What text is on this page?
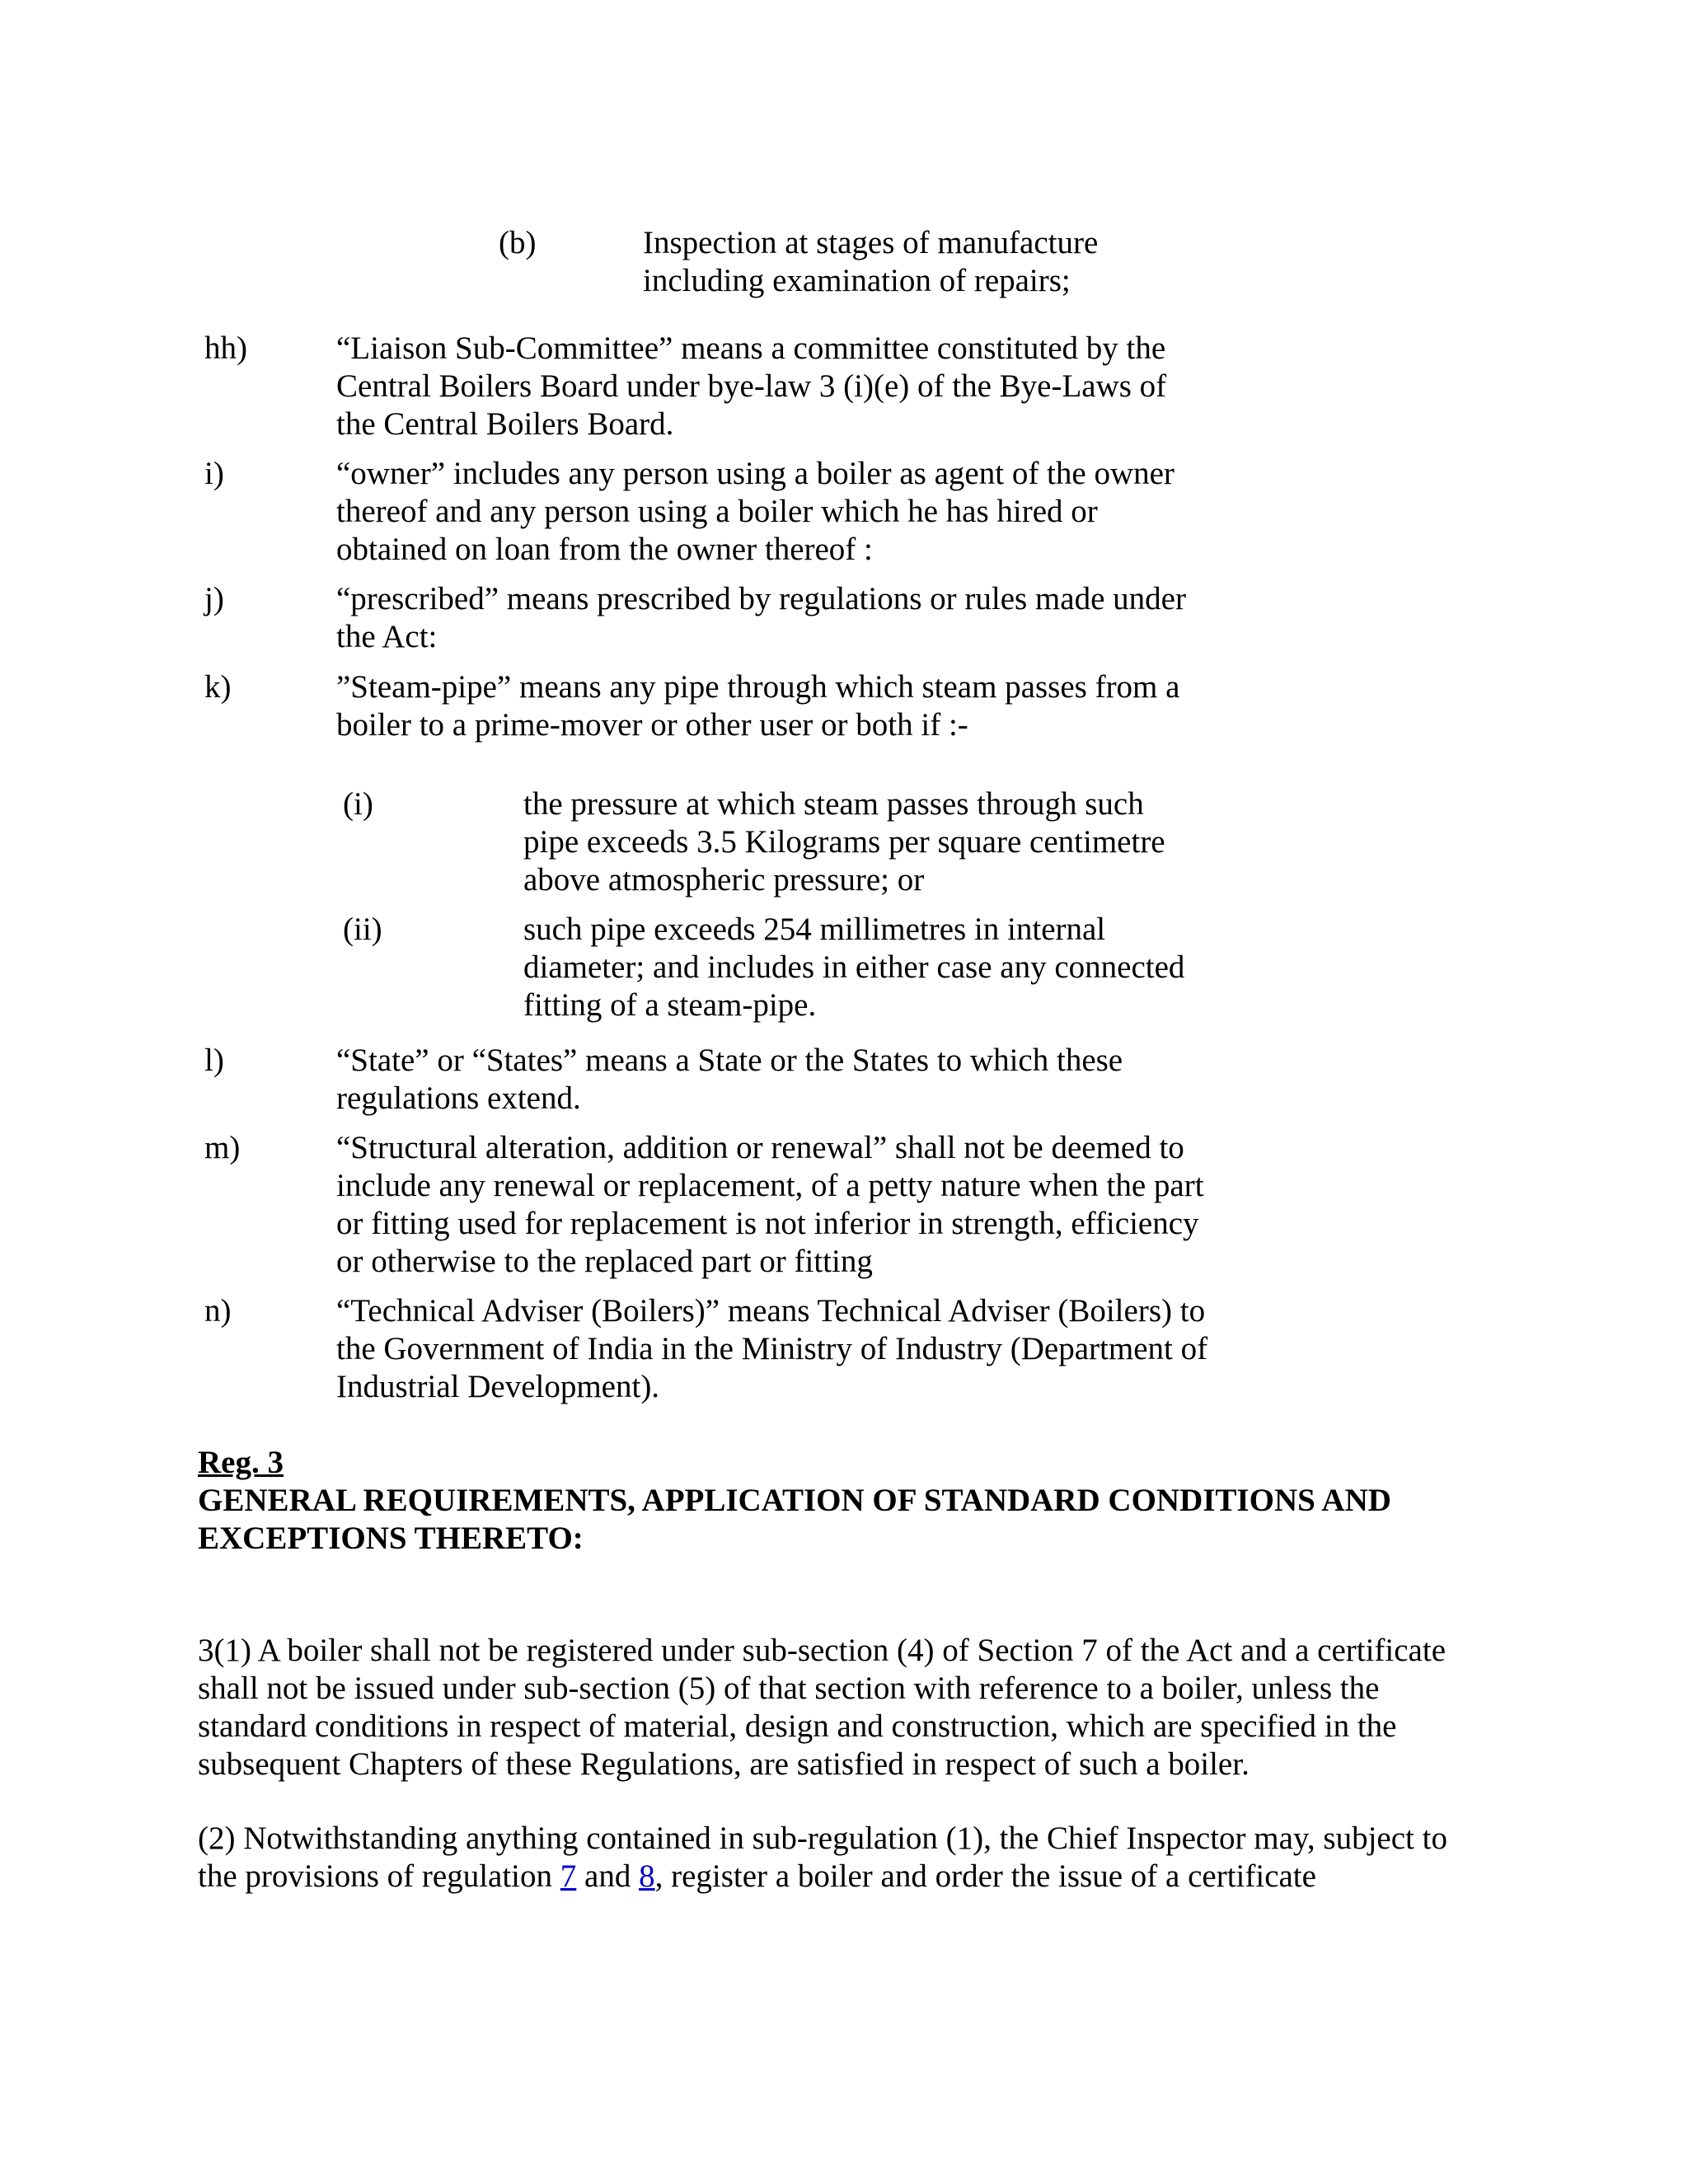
(b)	Inspection at stages of manufacture including examination of repairs;
hh)	“Liaison Sub-Committee” means a committee constituted by the Central Boilers Board under bye-law 3 (i)(e) of the Bye-Laws of the Central Boilers Board.
i)	“owner” includes any person using a boiler as agent of the owner thereof and any person using a boiler which he has hired or obtained on loan from the owner thereof :
j)	“prescribed” means prescribed by regulations or rules made under the Act:
k)	”Steam-pipe” means any pipe through which steam passes from a boiler to a prime-mover or other user or both if :-
(i)	the pressure at which steam passes through such pipe exceeds 3.5 Kilograms per square centimetre above atmospheric pressure; or
(ii)	such pipe exceeds 254 millimetres in internal diameter; and includes in either case any connected fitting of a steam-pipe.
l)	“State” or “States” means a State or the States to which these regulations extend.
m)	“Structural alteration, addition or renewal” shall not be deemed to include any renewal or replacement, of a petty nature when the part or fitting used for replacement is not inferior in strength, efficiency or otherwise to the replaced part or fitting
n)	“Technical Adviser (Boilers)” means Technical Adviser (Boilers) to the Government of India in the Ministry of Industry (Department of Industrial Development).
Reg. 3
GENERAL REQUIREMENTS, APPLICATION OF STANDARD CONDITIONS AND EXCEPTIONS THERETO:
3(1) A boiler shall not be registered under sub-section (4) of Section 7 of the Act and a certificate shall not be issued under sub-section (5) of that section with reference to a boiler, unless the standard conditions in respect of material, design and construction, which are specified in the subsequent Chapters of these Regulations, are satisfied in respect of such a boiler.
(2) Notwithstanding anything contained in sub-regulation (1), the Chief Inspector may, subject to the provisions of regulation 7 and 8, register a boiler and order the issue of a certificate
